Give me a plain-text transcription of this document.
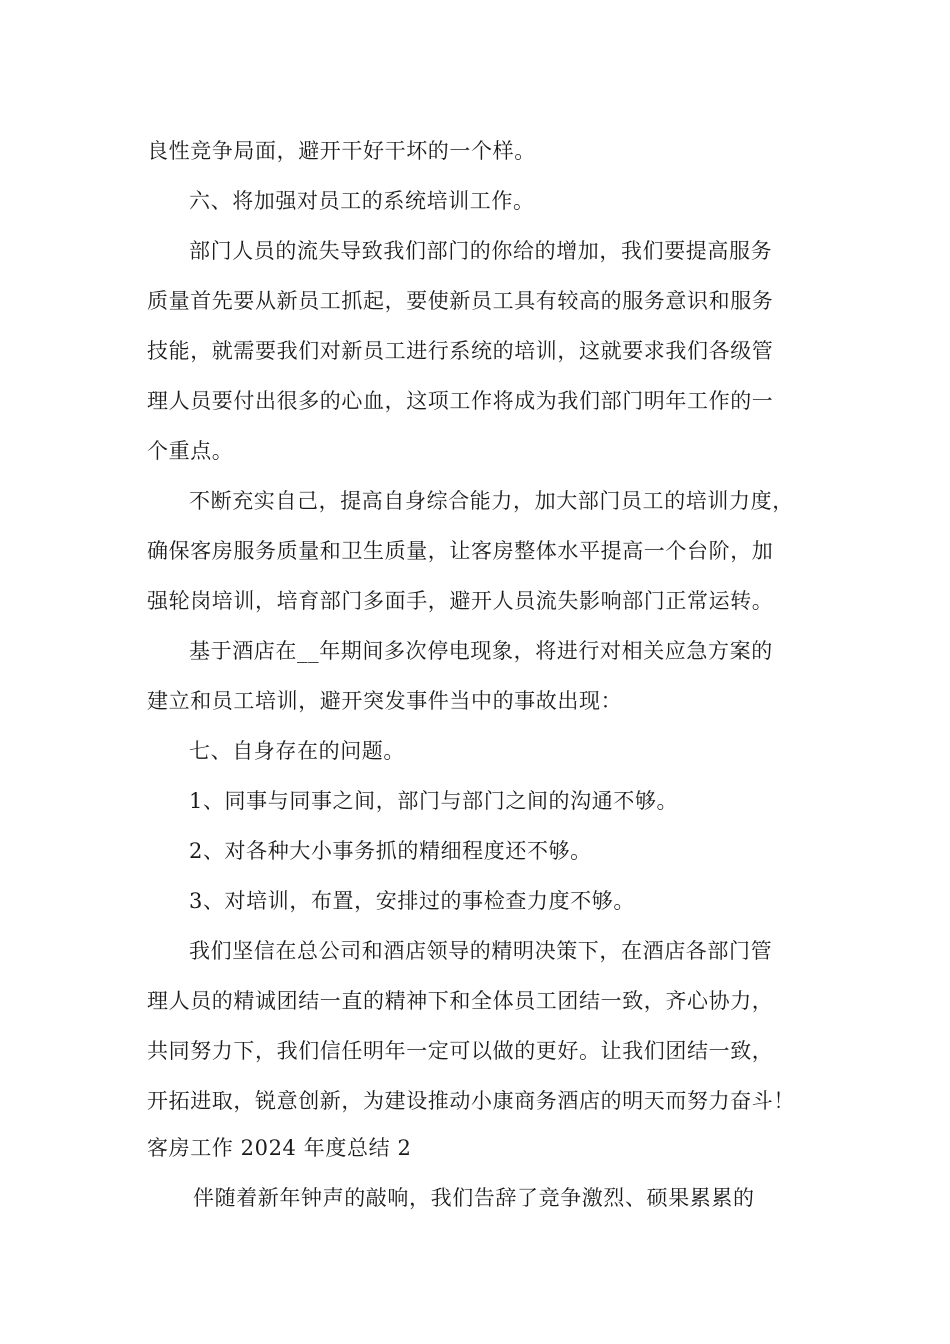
良性竞争局面，避开干好干坏的一个样。
六、将加强对员工的系统培训工作。
部门人员的流失导致我们部门的你给的增加，我们要提高服务
质量首先要从新员工抓起，要使新员工具有较高的服务意识和服务
技能，就需要我们对新员工进行系统的培训，这就要求我们各级管
理人员要付出很多的心血，这项工作将成为我们部门明年工作的一
个重点。
不断充实自己，提高自身综合能力，加大部门员工的培训力度，
确保客房服务质量和卫生质量，让客房整体水平提高一个台阶，加
强轮岗培训，培育部门多面手，避开人员流失影响部门正常运转。
基于酒店在__年期间多次停电现象，将进行对相关应急方案的
建立和员工培训，避开突发事件当中的事故出现：
七、自身存在的问题。
1、同事与同事之间，部门与部门之间的沟通不够。
2、对各种大小事务抓的精细程度还不够。
3、对培训，布置，安排过的事检查力度不够。
我们坚信在总公司和酒店领导的精明决策下，在酒店各部门管
理人员的精诚团结一直的精神下和全体员工团结一致，齐心协力，
共同努力下，我们信任明年一定可以做的更好。让我们团结一致，
开拓进取，锐意创新，为建设推动小康商务酒店的明天而努力奋斗！
客房工作 2024 年度总结 2
伴随着新年钟声的敲响，我们告辞了竞争激烈、硕果累累的
